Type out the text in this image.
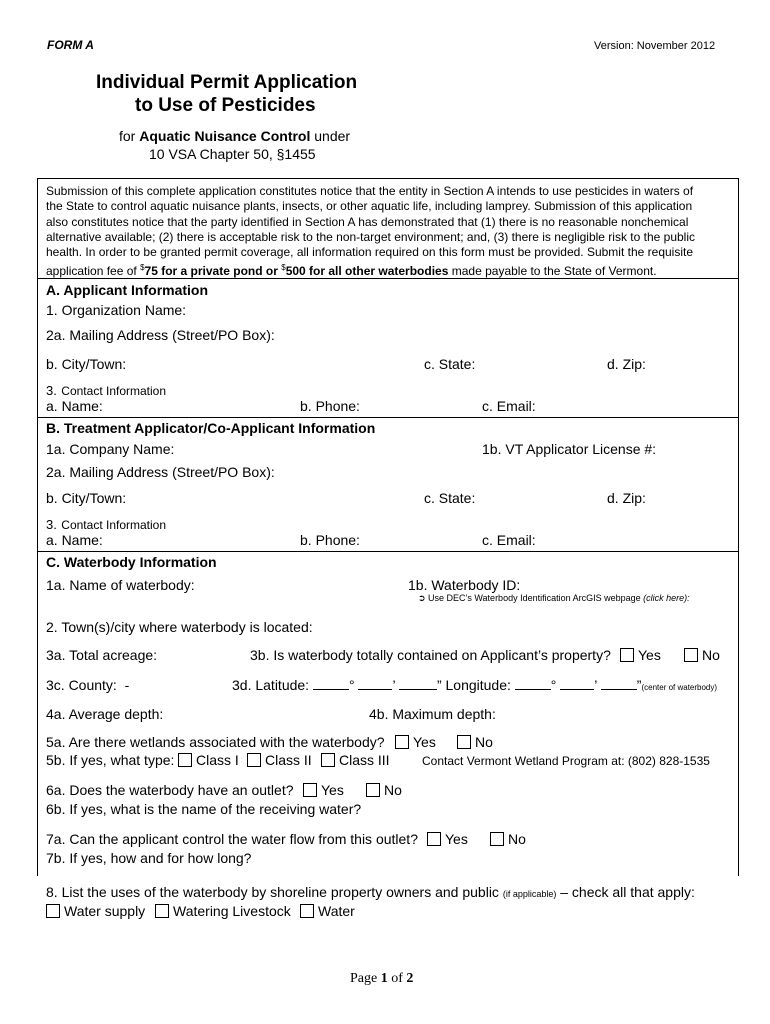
FORM A	Version: November 2012
Individual Permit Application
to Use of Pesticides
for Aquatic Nuisance Control under
10 VSA Chapter 50, §1455
Submission of this complete application constitutes notice that the entity in Section A intends to use pesticides in waters of
the State to control aquatic nuisance plants, insects, or other aquatic life, including lamprey. Submission of this application
also constitutes notice that the party identified in Section A has demonstrated that (1) there is no reasonable nonchemical
alternative available; (2) there is acceptable risk to the non-target environment; and, (3) there is negligible risk to the public
health. In order to be granted permit coverage, all information required on this form must be provided. Submit the requisite
application fee of $75 for a private pond or $500 for all other waterbodies made payable to the State of Vermont.
A. Applicant Information
1. Organization Name:
2a. Mailing Address (Street/PO Box):
b. City/Town:	c. State:	d. Zip:
3. Contact Information
a. Name:	b. Phone:	c. Email:
B. Treatment Applicator/Co-Applicant Information
1a. Company Name:	1b. VT Applicator License #:
2a. Mailing Address (Street/PO Box):
b. City/Town:	c. State:	d. Zip:
3. Contact Information
a. Name:	b. Phone:	c. Email:
C. Waterbody Information
1a. Name of waterbody:	1b. Waterbody ID:
➲ Use DEC’s Waterbody Identification ArcGIS webpage (click here):
2. Town(s)/city where waterbody is located:
3a. Total acreage:	3b. Is waterbody totally contained on Applicant’s property?	Yes	No
3c. County: -	3d. Latitude:	°	’	” Longitude:	°	’	”(center of waterbody)
4a. Average depth:	4b. Maximum depth:
5a. Are there wetlands associated with the waterbody?	Yes	No
5b. If yes, what type:	Class I	Class II	Class III	Contact Vermont Wetland Program at: (802) 828-1535
6a. Does the waterbody have an outlet?	Yes	No
6b. If yes, what is the name of the receiving water?
7a. Can the applicant control the water flow from this outlet?	Yes	No
7b. If yes, how and for how long?
8. List the uses of the waterbody by shoreline property owners and public (if applicable) – check all that apply:
Water supply	Watering Livestock	Water
Page 1 of 2
